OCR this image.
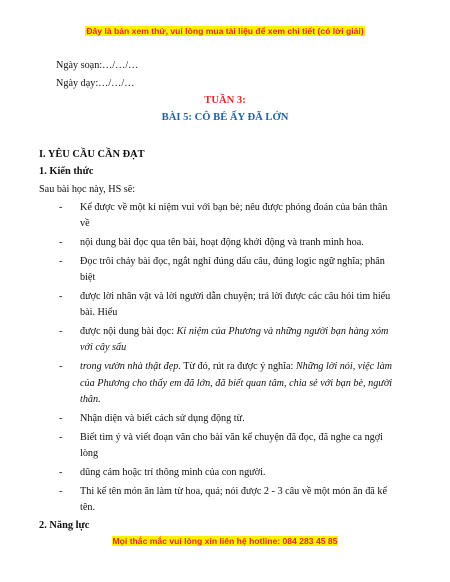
Đây là bản xem thử, vui lòng mua tài liệu để xem chi tiết (có lời giải)
Ngày soạn:…/…/…
Ngày dạy:…/…/…
TUẦN 3:
BÀI 5: CÔ BÉ ẤY ĐÃ LỚN
I. YÊU CẦU CẦN ĐẠT
1. Kiến thức
Sau bài học này, HS sẽ:
- Kể được về một kỉ niệm vui với bạn bè; nêu được phỏng đoán của bản thân
về
- nội dung bài đọc qua tên bài, hoạt động khởi động và tranh minh hoa.
- Đọc trôi chảy bài đọc, ngắt nghỉ đúng dấu câu, đúng logic ngữ nghĩa; phân
biệt
- được lời nhân vật và lời người dẫn chuyện; trả lời được các câu hỏi tìm hiểu
bài. Hiểu
- được nội dung bài đọc: Kỉ niệm của Phương và những người bạn hàng xóm
với cây sấu
- trong vườn nhà thật đẹp. Từ đó, rút ra được ý nghĩa: Những lời nói, việc làm
của Phương cho thấy em đã lớn, đã biết quan tâm, chia sẻ với bạn bè, người
thân.
- Nhận diện và biết cách sử dụng động từ.
- Biết tìm ý và viết đoạn văn cho bài văn kể chuyện đã đọc, đã nghe ca ngợi
lòng
- dũng cảm hoặc trí thông minh của con người.
- Thi kể tên món ăn làm từ hoa, quả; nói được 2 - 3 câu về một món ăn đã kể
tên.
2. Năng lực
Mọi thắc mắc vui lòng xin liên hệ hotline: 084 283 45 85
